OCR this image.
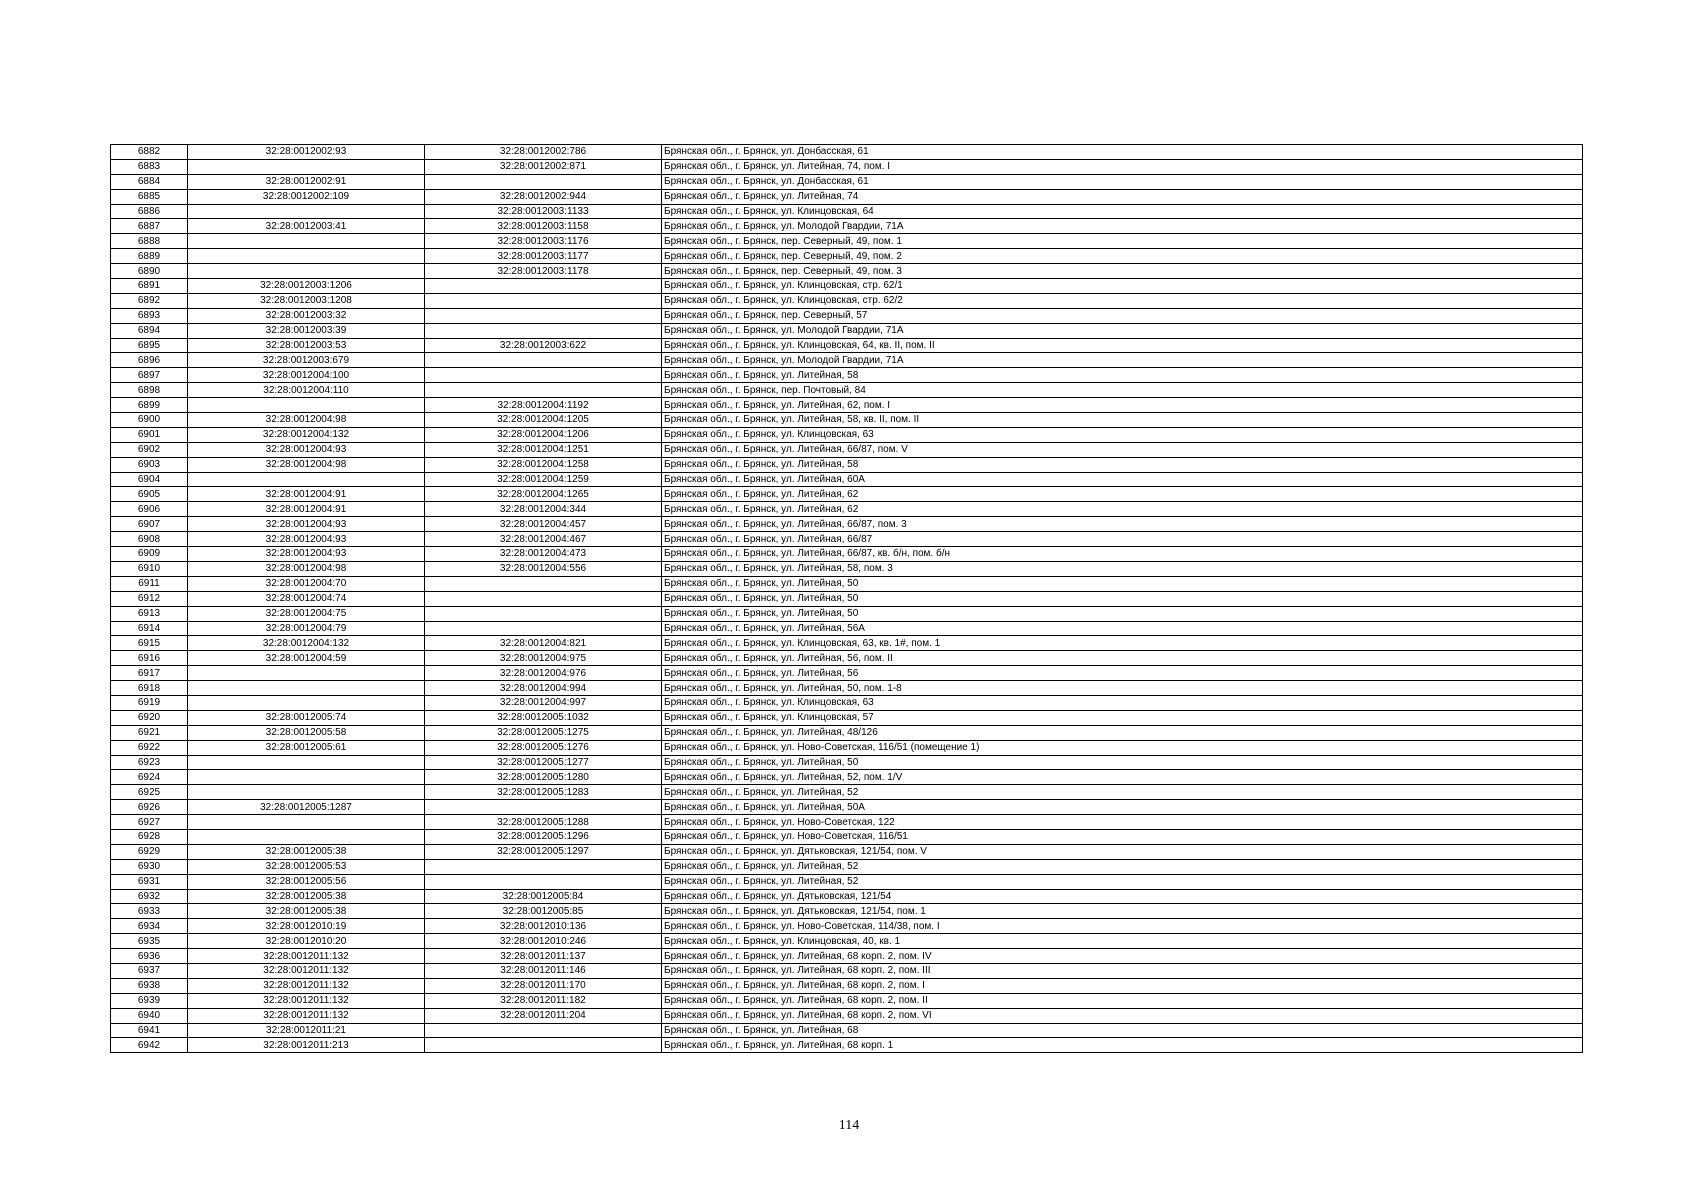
6882	32:28:0012002:93	32:28:0012002:786	Брянская обл., г. Брянск, ул. Донбасская, 61
6883		32:28:0012002:871	Брянская обл., г. Брянск, ул. Литейная, 74, пом. I
6884	32:28:0012002:91		Брянская обл., г. Брянск, ул. Донбасская, 61
6885	32:28:0012002:109	32:28:0012002:944	Брянская обл., г. Брянск, ул. Литейная, 74
6886		32:28:0012003:1133	Брянская обл., г. Брянск, ул. Клинцовская, 64
6887	32:28:0012003:41	32:28:0012003:1158	Брянская обл., г. Брянск, ул. Молодой Гвардии, 71А
6888		32:28:0012003:1176	Брянская обл., г. Брянск, пер. Северный, 49, пом. 1
6889		32:28:0012003:1177	Брянская обл., г. Брянск, пер. Северный, 49, пом. 2
6890		32:28:0012003:1178	Брянская обл., г. Брянск, пер. Северный, 49, пом. 3
6891	32:28:0012003:1206		Брянская обл., г. Брянск, ул. Клинцовская, стр. 62/1
6892	32:28:0012003:1208		Брянская обл., г. Брянск, ул. Клинцовская, стр. 62/2
6893	32:28:0012003:32		Брянская обл., г. Брянск, пер. Северный, 57
6894	32:28:0012003:39		Брянская обл., г. Брянск, ул. Молодой Гвардии, 71А
6895	32:28:0012003:53	32:28:0012003:622	Брянская обл., г. Брянск, ул. Клинцовская, 64, кв. II, пом. II
6896	32:28:0012003:679		Брянская обл., г. Брянск, ул. Молодой Гвардии, 71А
6897	32:28:0012004:100		Брянская обл., г. Брянск, ул. Литейная, 58
6898	32:28:0012004:110		Брянская обл., г. Брянск, пер. Почтовый, 84
6899		32:28:0012004:1192	Брянская обл., г. Брянск, ул. Литейная, 62, пом. I
6900	32:28:0012004:98	32:28:0012004:1205	Брянская обл., г. Брянск, ул. Литейная, 58, кв. II, пом. II
6901	32:28:0012004:132	32:28:0012004:1206	Брянская обл., г. Брянск, ул. Клинцовская, 63
6902	32:28:0012004:93	32:28:0012004:1251	Брянская обл., г. Брянск, ул. Литейная, 66/87, пом. V
6903	32:28:0012004:98	32:28:0012004:1258	Брянская обл., г. Брянск, ул. Литейная, 58
6904		32:28:0012004:1259	Брянская обл., г. Брянск, ул. Литейная, 60А
6905	32:28:0012004:91	32:28:0012004:1265	Брянская обл., г. Брянск, ул. Литейная, 62
6906	32:28:0012004:91	32:28:0012004:344	Брянская обл., г. Брянск, ул. Литейная, 62
6907	32:28:0012004:93	32:28:0012004:457	Брянская обл., г. Брянск, ул. Литейная, 66/87, пом. 3
6908	32:28:0012004:93	32:28:0012004:467	Брянская обл., г. Брянск, ул. Литейная, 66/87
6909	32:28:0012004:93	32:28:0012004:473	Брянская обл., г. Брянск, ул. Литейная, 66/87, кв. б/н, пом. б/н
6910	32:28:0012004:98	32:28:0012004:556	Брянская обл., г. Брянск, ул. Литейная, 58, пом. 3
6911	32:28:0012004:70		Брянская обл., г. Брянск, ул. Литейная, 50
6912	32:28:0012004:74		Брянская обл., г. Брянск, ул. Литейная, 50
6913	32:28:0012004:75		Брянская обл., г. Брянск, ул. Литейная, 50
6914	32:28:0012004:79		Брянская обл., г. Брянск, ул. Литейная, 56А
6915	32:28:0012004:132	32:28:0012004:821	Брянская обл., г. Брянск, ул. Клинцовская, 63, кв. 1#, пом. 1
6916	32:28:0012004:59	32:28:0012004:975	Брянская обл., г. Брянск, ул. Литейная, 56, пом. II
6917		32:28:0012004:976	Брянская обл., г. Брянск, ул. Литейная, 56
6918		32:28:0012004:994	Брянская обл., г. Брянск, ул. Литейная, 50, пом. 1-8
6919		32:28:0012004:997	Брянская обл., г. Брянск, ул. Клинцовская, 63
6920	32:28:0012005:74	32:28:0012005:1032	Брянская обл., г. Брянск, ул. Клинцовская, 57
6921	32:28:0012005:58	32:28:0012005:1275	Брянская обл., г. Брянск, ул. Литейная, 48/126
6922	32:28:0012005:61	32:28:0012005:1276	Брянская обл., г. Брянск, ул. Ново-Советская, 116/51 (помещение 1)
6923		32:28:0012005:1277	Брянская обл., г. Брянск, ул. Литейная, 50
6924		32:28:0012005:1280	Брянская обл., г. Брянск, ул. Литейная, 52, пом. 1/V
6925		32:28:0012005:1283	Брянская обл., г. Брянск, ул. Литейная, 52
6926	32:28:0012005:1287		Брянская обл., г. Брянск, ул. Литейная, 50А
6927		32:28:0012005:1288	Брянская обл., г. Брянск, ул. Ново-Советская, 122
6928		32:28:0012005:1296	Брянская обл., г. Брянск, ул. Ново-Советская, 116/51
6929	32:28:0012005:38	32:28:0012005:1297	Брянская обл., г. Брянск, ул. Дятьковская, 121/54, пом. V
6930	32:28:0012005:53		Брянская обл., г. Брянск, ул. Литейная, 52
6931	32:28:0012005:56		Брянская обл., г. Брянск, ул. Литейная, 52
6932	32:28:0012005:38	32:28:0012005:84	Брянская обл., г. Брянск, ул. Дятьковская, 121/54
6933	32:28:0012005:38	32:28:0012005:85	Брянская обл., г. Брянск, ул. Дятьковская, 121/54, пом. 1
6934	32:28:0012010:19	32:28:0012010:136	Брянская обл., г. Брянск, ул. Ново-Советская, 114/38, пом. I
6935	32:28:0012010:20	32:28:0012010:246	Брянская обл., г. Брянск, ул. Клинцовская, 40, кв. 1
6936	32:28:0012011:132	32:28:0012011:137	Брянская обл., г. Брянск, ул. Литейная, 68 корп. 2, пом. IV
6937	32:28:0012011:132	32:28:0012011:146	Брянская обл., г. Брянск, ул. Литейная, 68 корп. 2, пом. III
6938	32:28:0012011:132	32:28:0012011:170	Брянская обл., г. Брянск, ул. Литейная, 68 корп. 2, пом. I
6939	32:28:0012011:132	32:28:0012011:182	Брянская обл., г. Брянск, ул. Литейная, 68 корп. 2, пом. II
6940	32:28:0012011:132	32:28:0012011:204	Брянская обл., г. Брянск, ул. Литейная, 68 корп. 2, пом. VI
6941	32:28:0012011:21		Брянская обл., г. Брянск, ул. Литейная, 68
6942	32:28:0012011:213		Брянская обл., г. Брянск, ул. Литейная, 68 корп. 1
114
